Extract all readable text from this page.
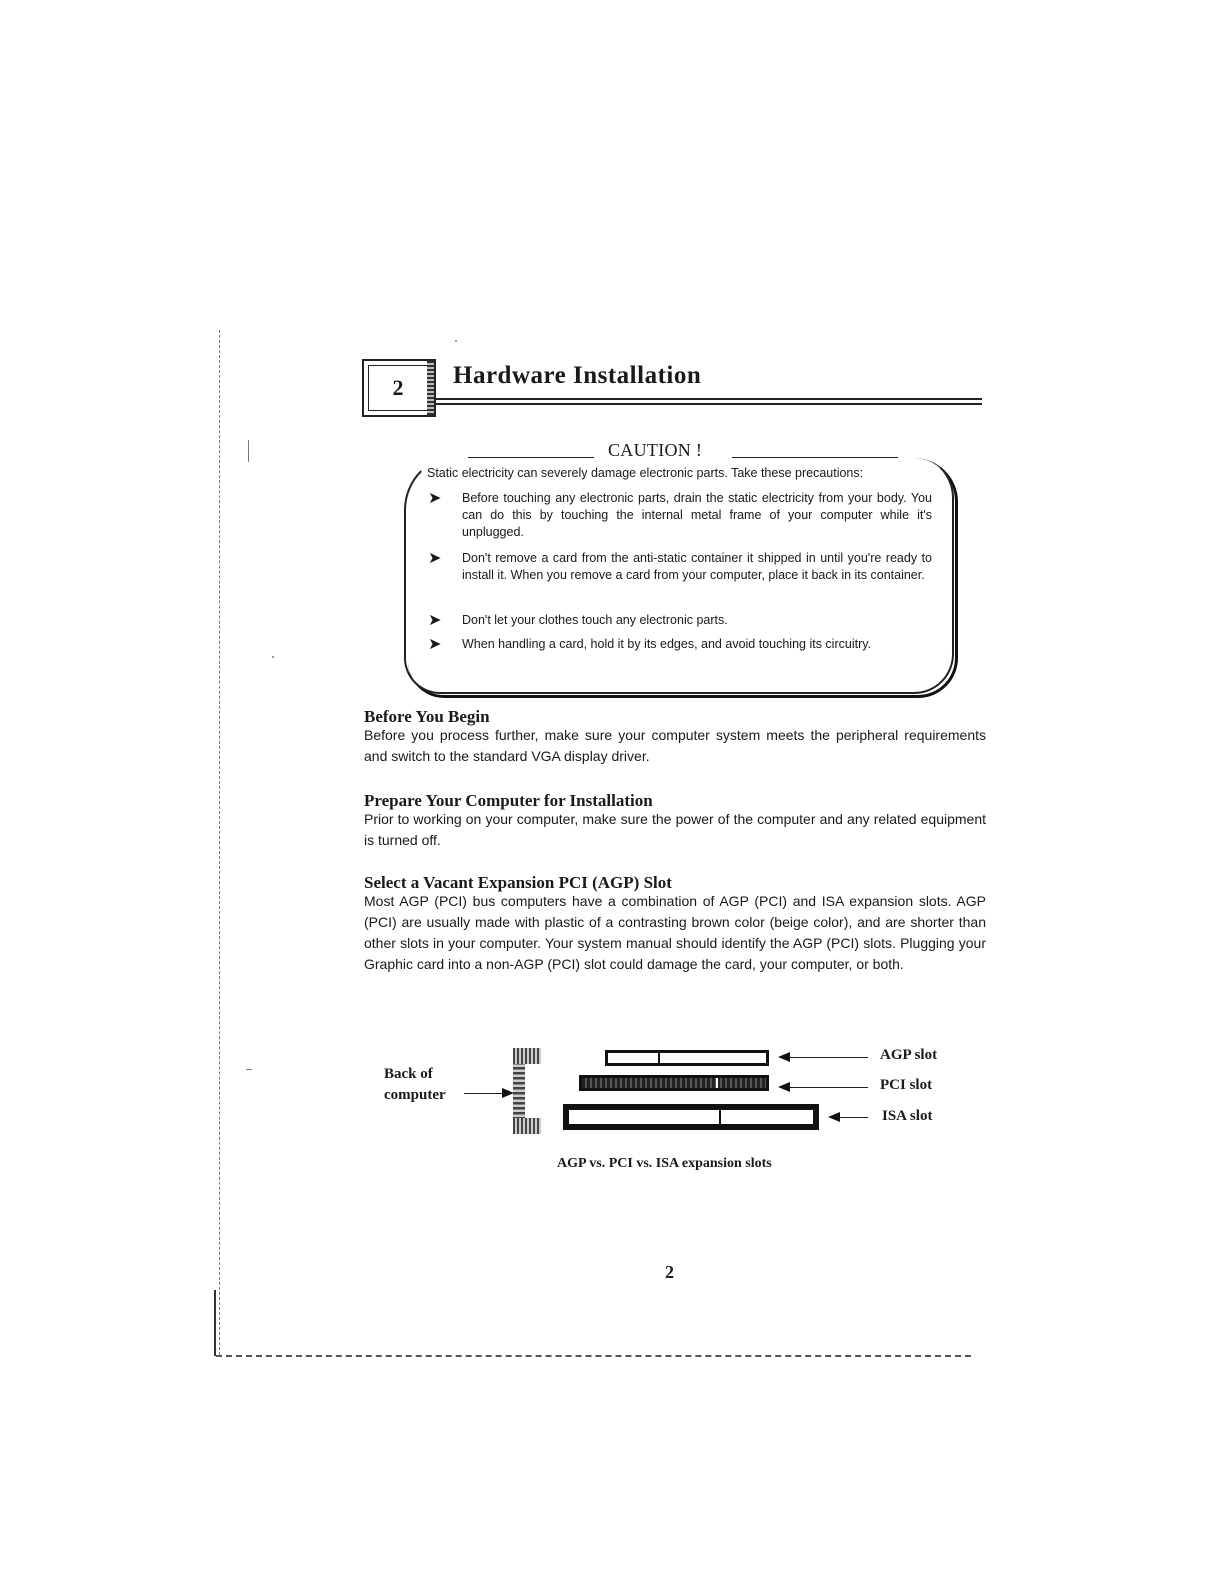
2	Hardware Installation
CAUTION !
Static electricity can severely damage electronic parts. Take these precautions:
➤	Before touching any electronic parts, drain the static electricity from your body. You can do this by touching the internal metal frame of your computer while it's unplugged.
➤	Don't remove a card from the anti-static container it shipped in until you're ready to install it. When you remove a card from your computer, place it back in its container.
➤	Don't let your clothes touch any electronic parts.
➤	When handling a card, hold it by its edges, and avoid touching its circuitry.
Before You Begin
Before you process further, make sure your computer system meets the peripheral requirements and switch to the standard VGA display driver.
Prepare Your Computer for Installation
Prior to working on your computer, make sure the power of the computer and any related equipment is turned off.
Select a Vacant Expansion PCI (AGP) Slot
Most AGP (PCI) bus computers have a combination of AGP (PCI) and ISA expansion slots. AGP (PCI) are usually made with plastic of a contrasting brown color (beige color), and are shorter than other slots in your computer. Your system manual should identify the AGP (PCI) slots. Plugging your Graphic card into a non-AGP (PCI) slot could damage the card, your computer, or both.
Back of
computer
AGP slot
PCI slot
ISA slot
AGP vs. PCI vs. ISA expansion slots
2
